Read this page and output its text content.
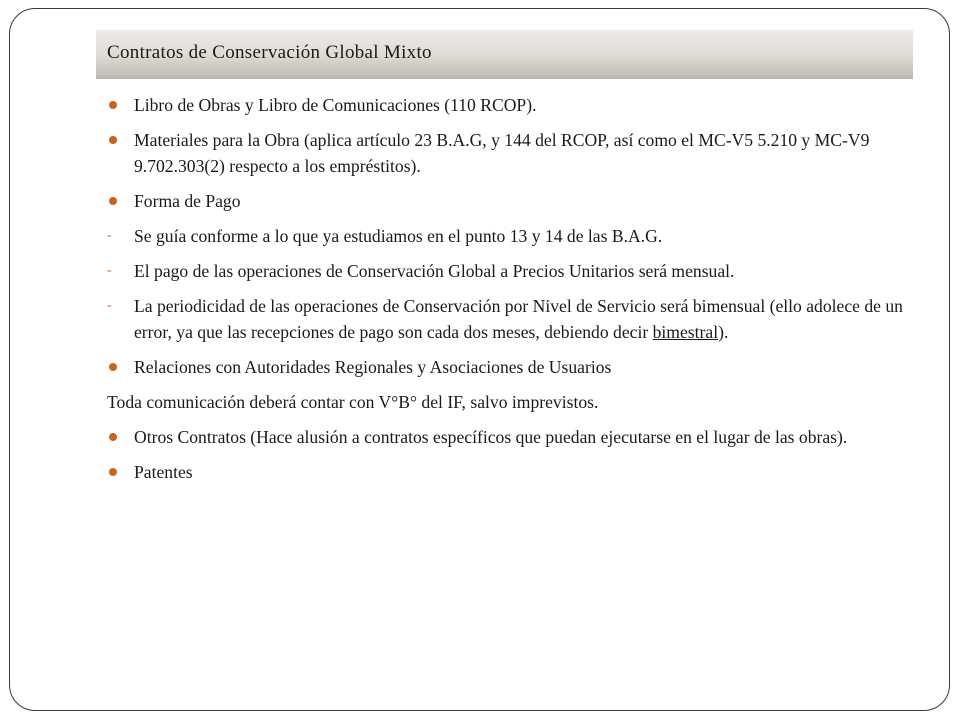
Contratos de Conservación Global Mixto
Libro de Obras y Libro de Comunicaciones (110 RCOP).
Materiales para la Obra (aplica artículo 23 B.A.G, y 144 del RCOP, así como el MC-V5 5.210 y MC-V9 9.702.303(2) respecto a los empréstitos).
Forma de Pago
- Se guía conforme a lo que ya estudiamos en el punto 13 y 14 de las B.A.G.
- El pago de las operaciones de Conservación Global a Precios Unitarios será mensual.
- La periodicidad de las operaciones de Conservación por Nivel de Servicio será bimensual (ello adolece de un error, ya que las recepciones de pago son cada dos meses, debiendo decir bimestral).
Relaciones con Autoridades Regionales y Asociaciones de Usuarios
Toda comunicación deberá contar con V°B° del IF, salvo imprevistos.
Otros Contratos (Hace alusión a contratos específicos que puedan ejecutarse en el lugar de las obras).
Patentes
